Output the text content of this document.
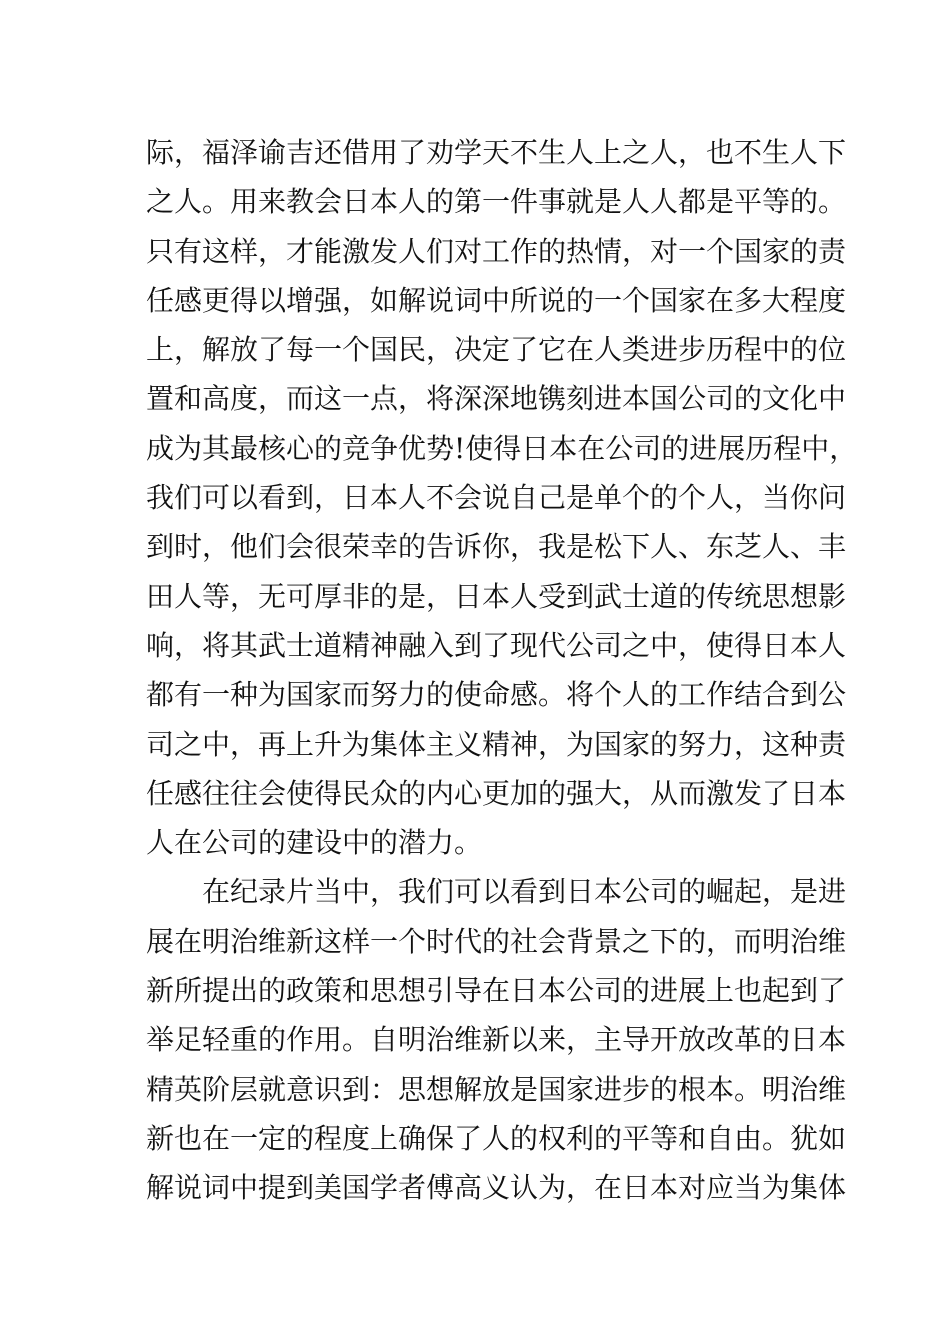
际，福泽谕吉还借用了劝学天不生人上之人，也不生人下
之人。用来教会日本人的第一件事就是人人都是平等的。
只有这样，才能激发人们对工作的热情，对一个国家的责
任感更得以增强，如解说词中所说的一个国家在多大程度
上，解放了每一个国民，决定了它在人类进步历程中的位
置和高度，而这一点，将深深地镌刻进本国公司的文化中
成为其最核心的竞争优势!使得日本在公司的进展历程中，
我们可以看到，日本人不会说自己是单个的个人，当你问
到时，他们会很荣幸的告诉你，我是松下人、东芝人、丰
田人等，无可厚非的是，日本人受到武士道的传统思想影
响，将其武士道精神融入到了现代公司之中，使得日本人
都有一种为国家而努力的使命感。将个人的工作结合到公
司之中，再上升为集体主义精神，为国家的努力，这种责
任感往往会使得民众的内心更加的强大，从而激发了日本
人在公司的建设中的潜力。
在纪录片当中，我们可以看到日本公司的崛起，是进
展在明治维新这样一个时代的社会背景之下的，而明治维
新所提出的政策和思想引导在日本公司的进展上也起到了
举足轻重的作用。自明治维新以来，主导开放改革的日本
精英阶层就意识到：思想解放是国家进步的根本。明治维
新也在一定的程度上确保了人的权利的平等和自由。犹如
解说词中提到美国学者傅高义认为，在日本对应当为集体
